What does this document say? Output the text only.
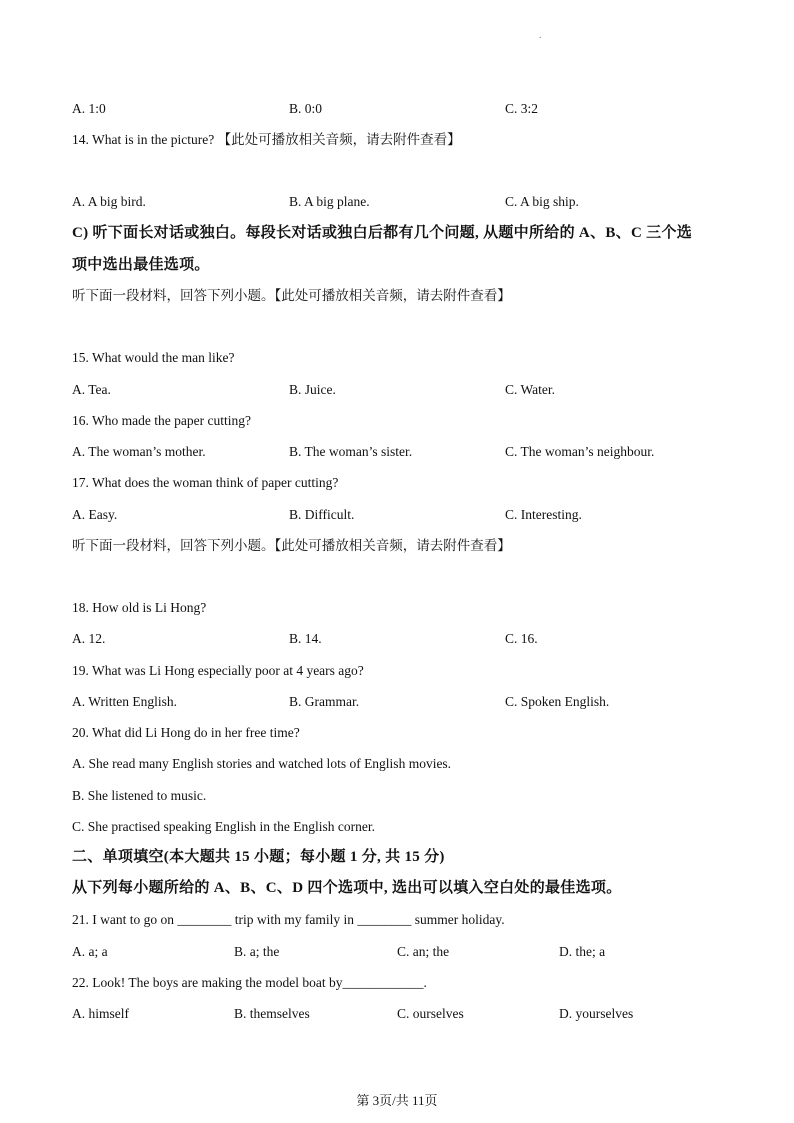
.
A. 1:0	B. 0:0	C. 3:2
14. What is in the picture? 【此处可播放相关音频，请去附件查看】
A. A big bird.	B. A big plane.	C. A big ship.
C) 听下面长对话或独白。每段长对话或独白后都有几个问题, 从题中所给的 A、B、C 三个选
项中选出最佳选项。
听下面一段材料，回答下列小题。【此处可播放相关音频，请去附件查看】
15. What would the man like?
A. Tea.	B. Juice.	C. Water.
16. Who made the paper cutting?
A. The woman’s mother.	B. The woman’s sister.	C. The woman’s neighbour.
17. What does the woman think of paper cutting?
A. Easy.	B. Difficult.	C. Interesting.
听下面一段材料，回答下列小题。【此处可播放相关音频，请去附件查看】
18. How old is Li Hong?
A. 12.	B. 14.	C. 16.
19. What was Li Hong especially poor at 4 years ago?
A. Written English.	B. Grammar.	C. Spoken English.
20. What did Li Hong do in her free time?
A. She read many English stories and watched lots of English movies.
B. She listened to music.
C. She practised speaking English in the English corner.
二、单项填空(本大题共 15 小题；每小题 1 分, 共 15 分)
从下列每小题所给的 A、B、C、D 四个选项中, 选出可以填入空白处的最佳选项。
21. I want to go on ________ trip with my family in ________ summer holiday.
A. a; a	B. a; the	C. an; the	D. the; a
22. Look! The boys are making the model boat by____________.
A. himself	B. themselves	C. ourselves	D. yourselves
第 3页/共 11页
